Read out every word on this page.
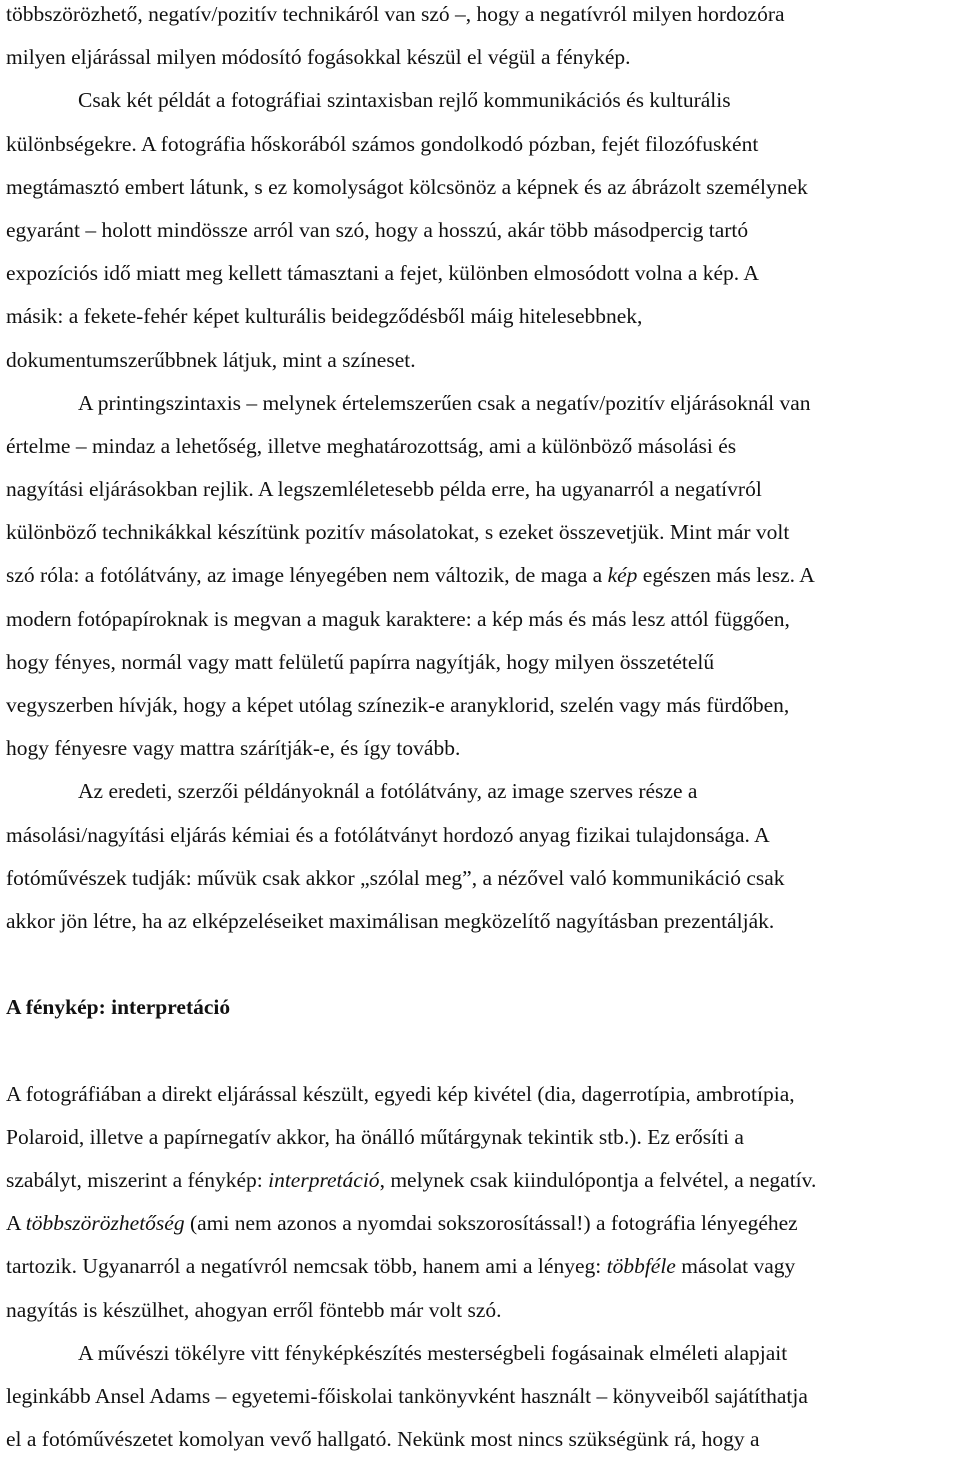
többszörözhető, negatív/pozitív technikáról van szó –, hogy a negatívról milyen hordozóra
milyen eljárással milyen módosító fogásokkal készül el végül a fénykép.
Csak két példát a fotográfiai szintaxisban rejlő kommunikációs és kulturális
különbségekre. A fotográfia hőskorából számos gondolkodó pózban, fejét filozófusként
megtámasztó embert látunk, s ez komolyságot kölcsönöz a képnek és az ábrázolt személynek
egyaránt – holott mindössze arról van szó, hogy a hosszú, akár több másodpercig tartó
expozíciós idő miatt meg kellett támasztani a fejet, különben elmosódott volna a kép. A
másik: a fekete-fehér képet kulturális beidegződésből máig hitelesebbnek,
dokumentumszerűbbnek látjuk, mint a színeset.
A printingszintaxis – melynek értelemszerűen csak a negatív/pozitív eljárásoknál van
értelme – mindaz a lehetőség, illetve meghatározottság, ami a különböző másolási és
nagyítási eljárásokban rejlik. A legszemléletesebb példa erre, ha ugyanarról a negatívról
különböző technikákkal készítünk pozitív másolatokat, s ezeket összevetjük. Mint már volt
szó róla: a fotólátvány, az image lényegében nem változik, de maga a kép egészen más lesz. A
modern fotópapíroknak is megvan a maguk karaktere: a kép más és más lesz attól függően,
hogy fényes, normál vagy matt felületű papírra nagyítják, hogy milyen összetételű
vegyszerben hívják, hogy a képet utólag színezik-e aranyklorid, szelén vagy más fürdőben,
hogy fényesre vagy mattra szárítják-e, és így tovább.
Az eredeti, szerzői példányoknál a fotólátvány, az image szerves része a
másolási/nagyítási eljárás kémiai és a fotólátványt hordozó anyag fizikai tulajdonsága. A
fotóművészek tudják: művük csak akkor „szólal meg”, a nézővel való kommunikáció csak
akkor jön létre, ha az elképzeléseiket maximálisan megközelítő nagyításban prezentálják.
A fénykép: interpretáció
A fotográfiában a direkt eljárással készült, egyedi kép kivétel (dia, dagerrotípia, ambrotípia,
Polaroid, illetve a papírnegatív akkor, ha önálló műtárgynak tekintik stb.). Ez erősíti a
szabályt, miszerint a fénykép: interpretáció, melynek csak kiindulópontja a felvétel, a negatív.
A többszörözhetőség (ami nem azonos a nyomdai sokszorosítással!) a fotográfia lényegéhez
tartozik. Ugyanarról a negatívról nemcsak több, hanem ami a lényeg: többféle másolat vagy
nagyítás is készülhet, ahogyan erről föntebb már volt szó.
A művészi tökélyre vitt fényképkészítés mesterségbeli fogásainak elméleti alapjait
leginkább Ansel Adams – egyetemi-főiskolai tankönyvként használt – könyveiből sajátíthatja
el a fotóművészetet komolyan vevő hallgató. Nekünk most nincs szükségünk rá, hogy a
